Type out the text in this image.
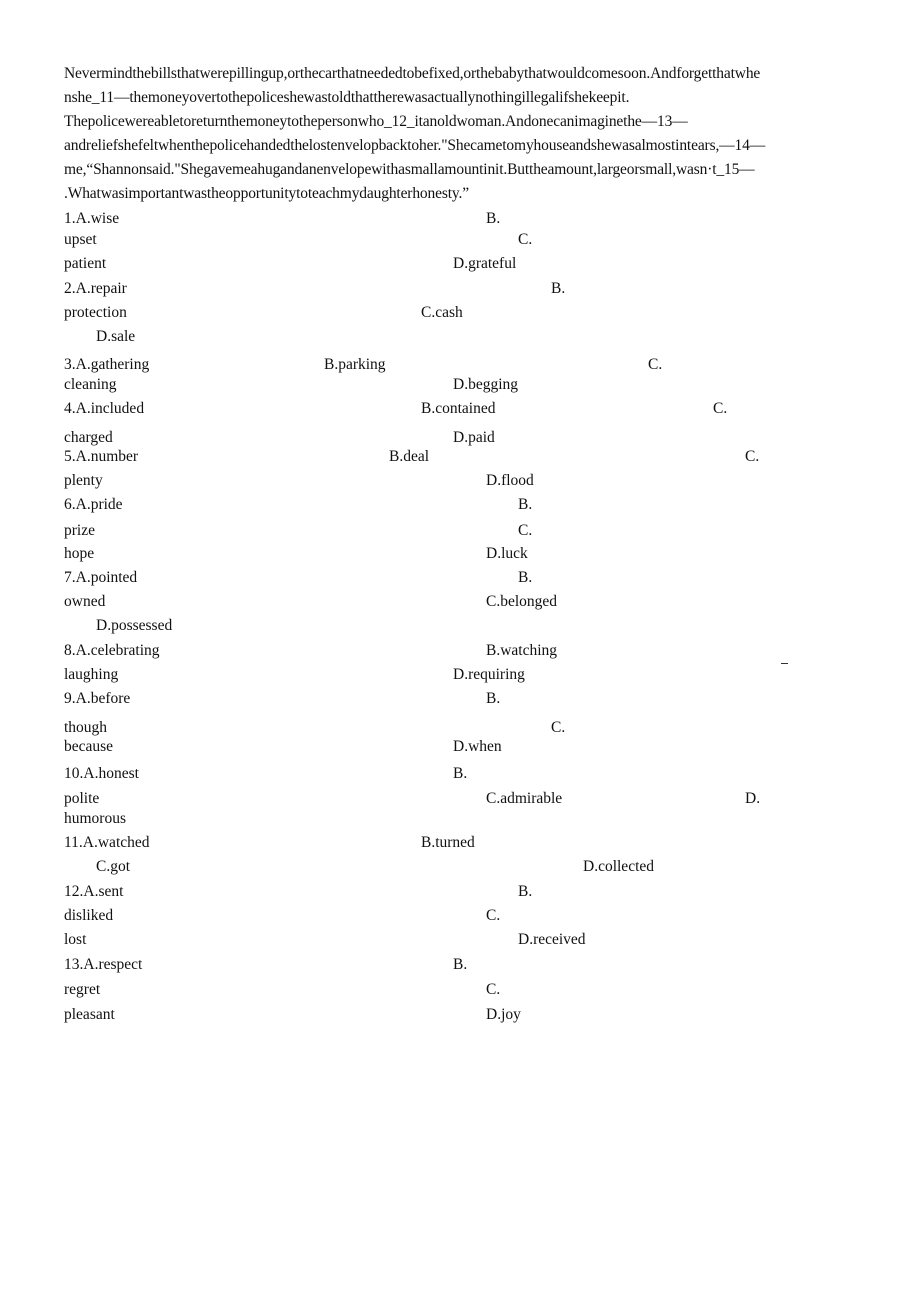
Nevermindthebillsthatwerepillingup,orthecarthatneededtobefixed,orthebabythatwouldcomesoon.Andforgetthatwhe
nshe_11—themoneyovertothepoliceshewastoldthattherewasactuallynothingillegalifshekeepit.
Thepolicewereabletoreturnthemoneytothepersonwho_12_itanoldwoman.Andonecanimaginethe—13—
andreliefshefeltwhenthepolicehandedthelostenvelopbacktoher."Shecametomyhouseandshewasalmostintears,—14—
me,“Shannonsaid."Shegavemeahugandanenvelopewithasmallamountinit.Buttheamount,largeorsmall,wasn·t_15—
.Whatwasimportantwastheopportunitytoteachmydaughterhonesty.”
1.A.wise	B.
upset	C.
patient	D.grateful
2.A.repair	B.
protection	C.cash
D.sale
3.A.gathering	B.parking	C.
cleaning	D.begging
4.A.included	B.contained	C.
charged	D.paid
5.A.number	B.deal	C.
plenty	D.flood
6.A.pride	B.
prize	C.
hope	D.luck
7.A.pointed	B.
owned	C.belonged
D.possessed
8.A.celebrating	B.watching
laughing	D.requiring
9.A.before	B.
though	C.
because	D.when
10.A.honest	B.
polite	C.admirable	D.
humorous
11.A.watched	B.turned
C.got	D.collected
12.A.sent	B.
disliked	C.
lost	D.received
13.A.respect	B.
regret	C.
pleasant	D.joy
